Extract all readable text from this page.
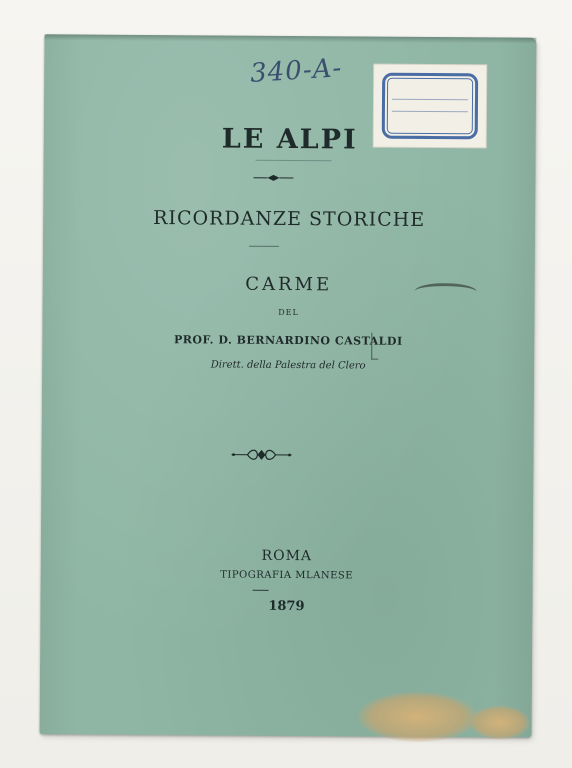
340-A-
LE ALPI
RICORDANZE STORICHE
CARME
DEL
PROF. D. BERNARDINO CASTALDI
Dirett. della Palestra del Clero
ROMA
TIPOGRAFIA MLANESE
1879
